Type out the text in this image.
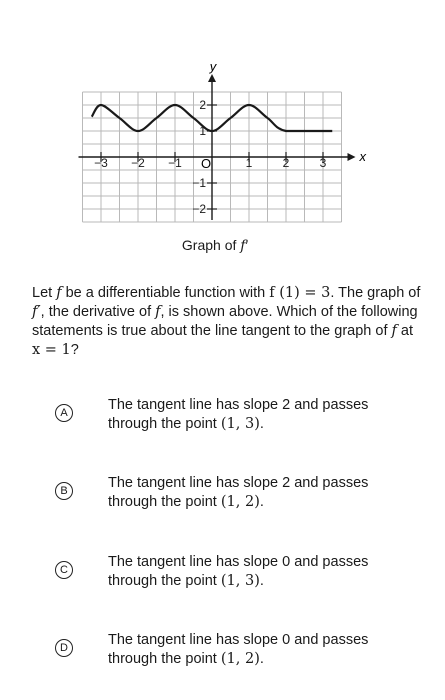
−3 −2 −1	1	2	3
−2
−1
1
2
x
y
O
Graph of f′
Let f be a differentiable function with f (1) = 3. The graph of f′, the derivative of f, is shown above. Which of the following statements is true about the line tangent to the graph of f at x = 1?
A	The tangent line has slope 2 and passes
through the point (1, 3).
B	The tangent line has slope 2 and passes
through the point (1, 2).
C	The tangent line has slope 0 and passes
through the point (1, 3).
D	The tangent line has slope 0 and passes
through the point (1, 2).
